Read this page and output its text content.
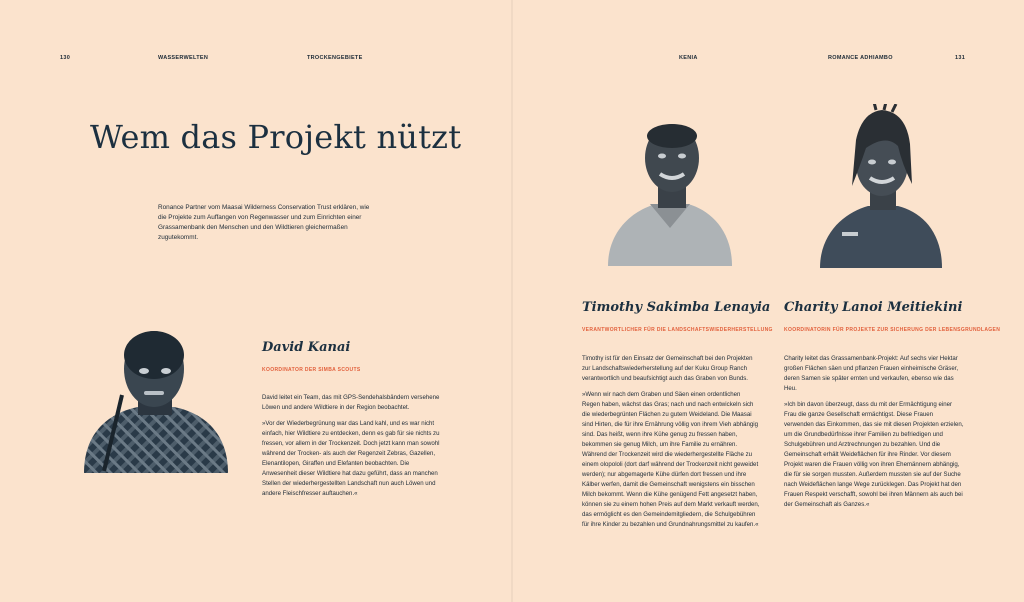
130	WASSERWELTEN	TROCKENGEBIETE
Wem das Projekt nützt
Ronance Partner vom Maasai Wilderness Conservation Trust erklären, wie die Projekte zum Auffangen von Regenwasser und zum Einrichten einer Grassamenbank den Menschen und den Wildtieren gleichermaßen zugutekommt.
David Kanai
KOORDINATOR DER SIMBA SCOUTS

David leitet ein Team, das mit GPS-Sendehalsbändern versehene Löwen und andere Wildtiere in der Region beobachtet.

»Vor der Wiederbegrünung war das Land kahl, und es war nicht einfach, hier Wildtiere zu entdecken, denn es gab für sie nichts zu fressen, vor allem in der Trockenzeit. Doch jetzt kann man sowohl während der Trocken- als auch der Regenzeit Zebras, Gazellen, Elenantilopen, Giraffen und Elefanten beobachten. Die Anwesenheit dieser Wildtiere hat dazu geführt, dass an manchen Stellen der wiederhergestellten Landschaft nun auch Löwen und andere Fleischfresser auftauchen.«

KENIA	ROMANCE ADHIAMBO	131
Timothy Sakimba Lenayia
VERANTWORTLICHER FÜR DIE LANDSCHAFTSWIEDERHERSTELLUNG

Timothy ist für den Einsatz der Gemeinschaft bei den Projekten zur Landschaftswiederherstellung auf der Kuku Group Ranch verantwortlich und beaufsichtigt auch das Graben von Bunds.

»Wenn wir nach dem Graben und Säen einen ordentlichen Regen haben, wächst das Gras; nach und nach entwickeln sich die wiederbegrünten Flächen zu gutem Weideland. Die Maasai sind Hirten, die für ihre Ernährung völlig von ihrem Vieh abhängig sind. Das heißt, wenn ihre Kühe genug zu fressen haben, bekommen sie genug Milch, um ihre Familie zu ernähren. Während der Trockenzeit wird die wiederhergestellte Fläche zu einem olopololi (dort darf während der Trockenzeit nicht geweidet werden); nur abgemagerte Kühe dürfen dort fressen und ihre Kälber werfen, damit die Gemeinschaft wenigstens ein bisschen Milch bekommt. Wenn die Kühe genügend Fett angesetzt haben, können sie zu einem hohen Preis auf dem Markt verkauft werden, das ermöglicht es den Gemeindemitgliedern, die Schulgebühren für ihre Kinder zu bezahlen und Grundnahrungsmittel zu kaufen.«

Charity Lanoi Meitiekini
KOORDINATORIN FÜR PROJEKTE ZUR SICHERUNG DER LEBENSGRUNDLAGEN

Charity leitet das Grassamenbank-Projekt: Auf sechs vier Hektar großen Flächen säen und pflanzen Frauen einheimische Gräser, deren Samen sie später ernten und verkaufen, ebenso wie das Heu.

»Ich bin davon überzeugt, dass du mit der Ermächtigung einer Frau die ganze Gesellschaft ermächtigst. Diese Frauen verwenden das Einkommen, das sie mit diesen Projekten erzielen, um die Grundbedürfnisse ihrer Familien zu befriedigen und Schulgebühren und Arztrechnungen zu bezahlen. Und die Gemeinschaft erhält Weideflächen für ihre Rinder. Vor diesem Projekt waren die Frauen völlig von ihren Ehemännern abhängig, die für sie sorgen mussten. Außerdem mussten sie auf der Suche nach Weideflächen lange Wege zurücklegen. Das Projekt hat den Frauen Respekt verschafft, sowohl bei ihren Männern als auch bei der Gemeinschaft als Ganzes.«
